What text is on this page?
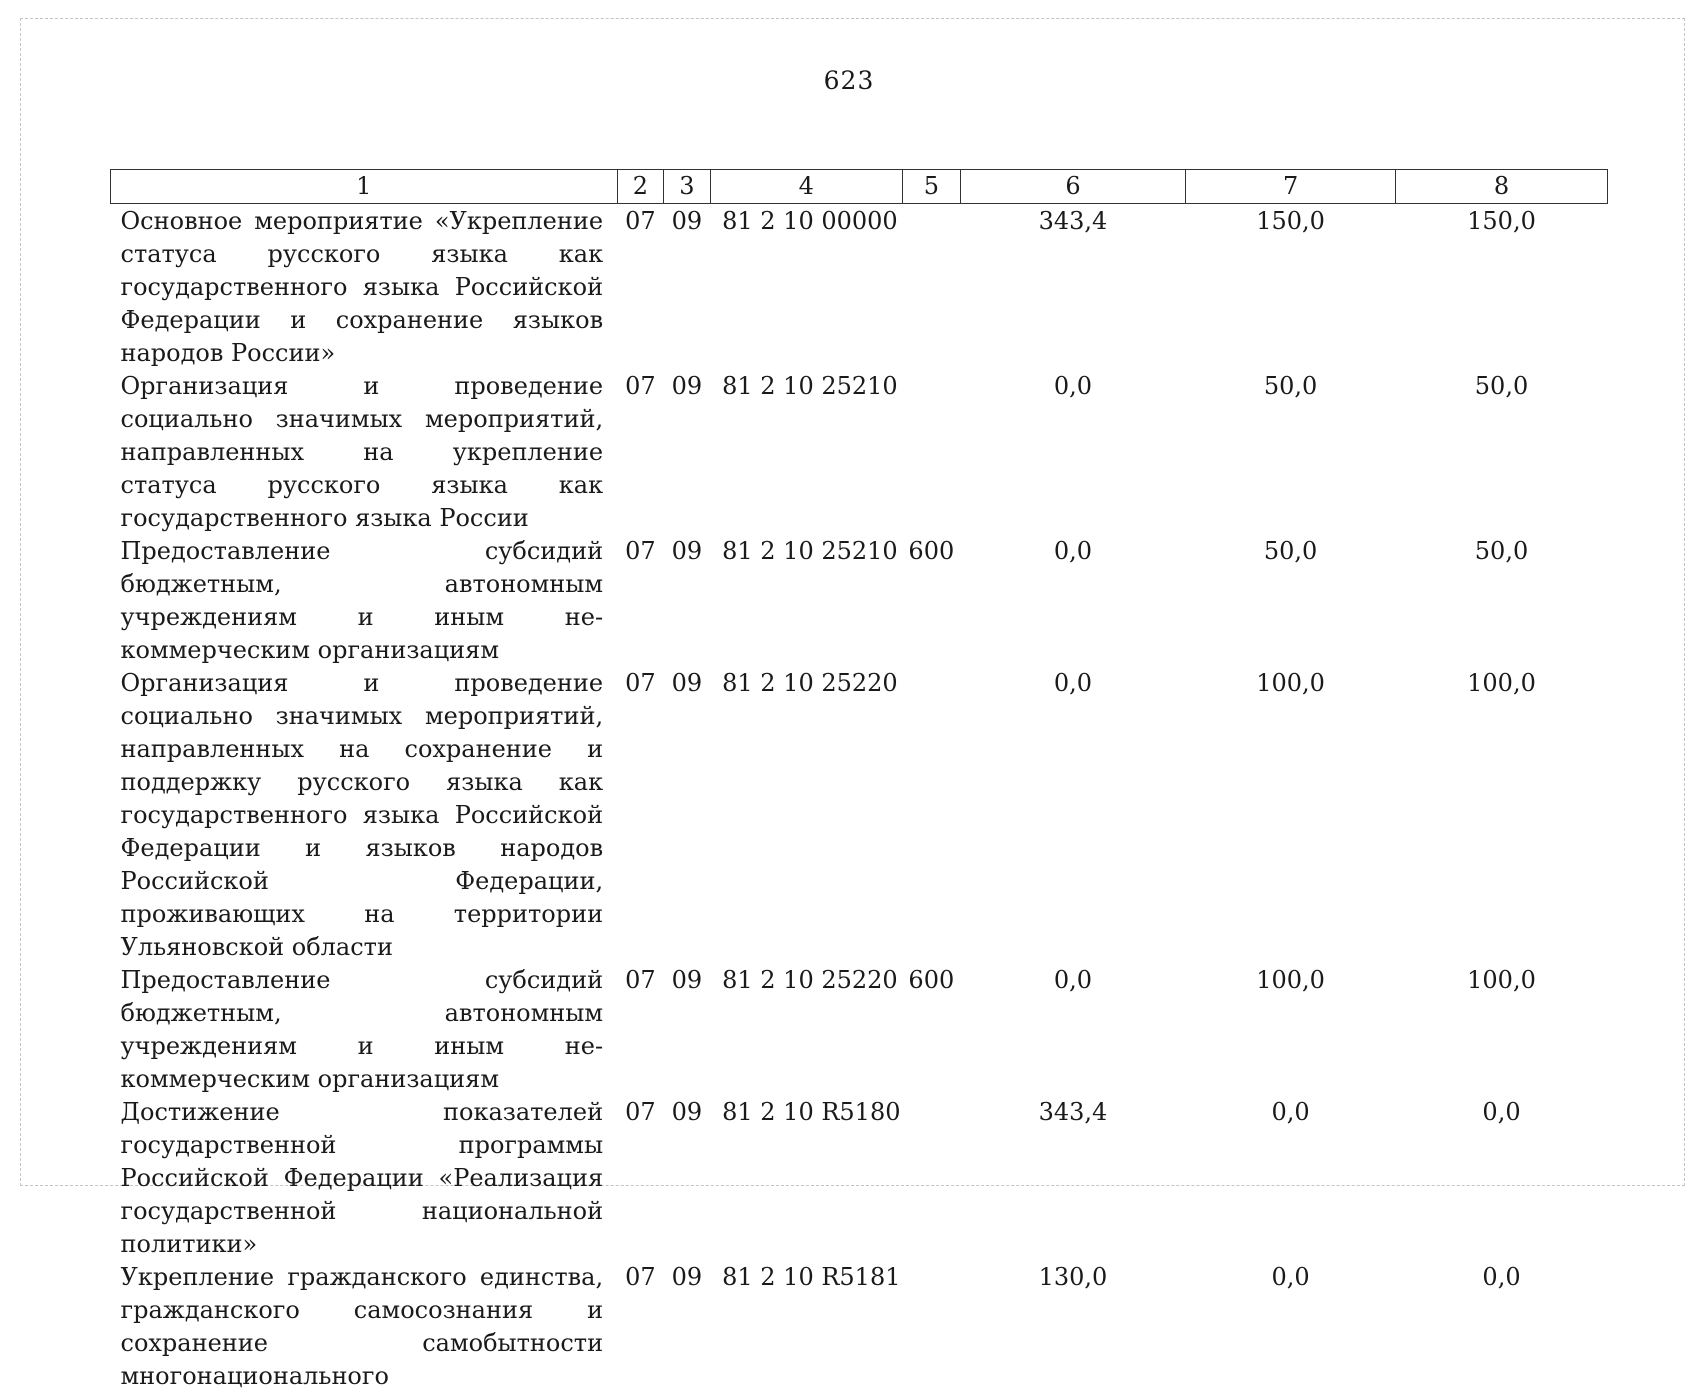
623
1	2	3	4	5	6	7	8
Основное мероприятие «Укрепление статуса русского языка как государственного языка Российской Федерации и сохранение языков народов России»	07	09	81 2 10 00000		343,4	150,0	150,0
Организация и проведение социально значимых мероприятий, направленных на укрепление статуса русского языка как государственного языка России	07	09	81 2 10 25210		0,0	50,0	50,0
Предоставление субсидий бюджетным, автономным учреждениям и иным некоммерческим организациям	07	09	81 2 10 25210	600	0,0	50,0	50,0
Организация и проведение социально значимых мероприятий, направленных на сохранение и поддержку русского языка как государственного языка Российской Федерации и языков народов Российской Федерации, проживающих на территории Ульяновской области	07	09	81 2 10 25220		0,0	100,0	100,0
Предоставление субсидий бюджетным, автономным учреждениям и иным некоммерческим организациям	07	09	81 2 10 25220	600	0,0	100,0	100,0
Достижение показателей государственной программы Российской Федерации «Реализация государственной национальной политики»	07	09	81 2 10 R5180		343,4	0,0	0,0
Укрепление гражданского единства, гражданского самосознания и сохранение самобытности многонационального	07	09	81 2 10 R5181		130,0	0,0	0,0
